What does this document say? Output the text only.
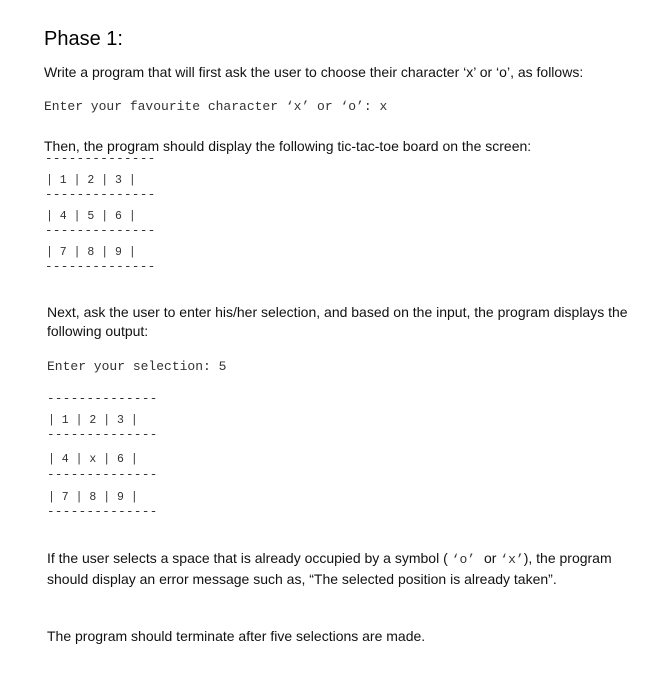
Phase 1:
Write a program that will first ask the user to choose their character ‘x’ or ‘o’, as follows:
Enter your favourite character ‘x’ or ‘o’: x
Then, the program should display the following tic-tac-toe board on the screen:
--------------
| 1 | 2 | 3 |
--------------
| 4 | 5 | 6 |
--------------
| 7 | 8 | 9 |
--------------
Next, ask the user to enter his/her selection, and based on the input, the program displays the
following output:
Enter your selection: 5
--------------
| 1 | 2 | 3 |
--------------
| 4 | x | 6 |
--------------
| 7 | 8 | 9 |
--------------
If the user selects a space that is already occupied by a symbol ( ‘o’ or ‘x’), the program
should display an error message such as, “The selected position is already taken”.
The program should terminate after five selections are made.
